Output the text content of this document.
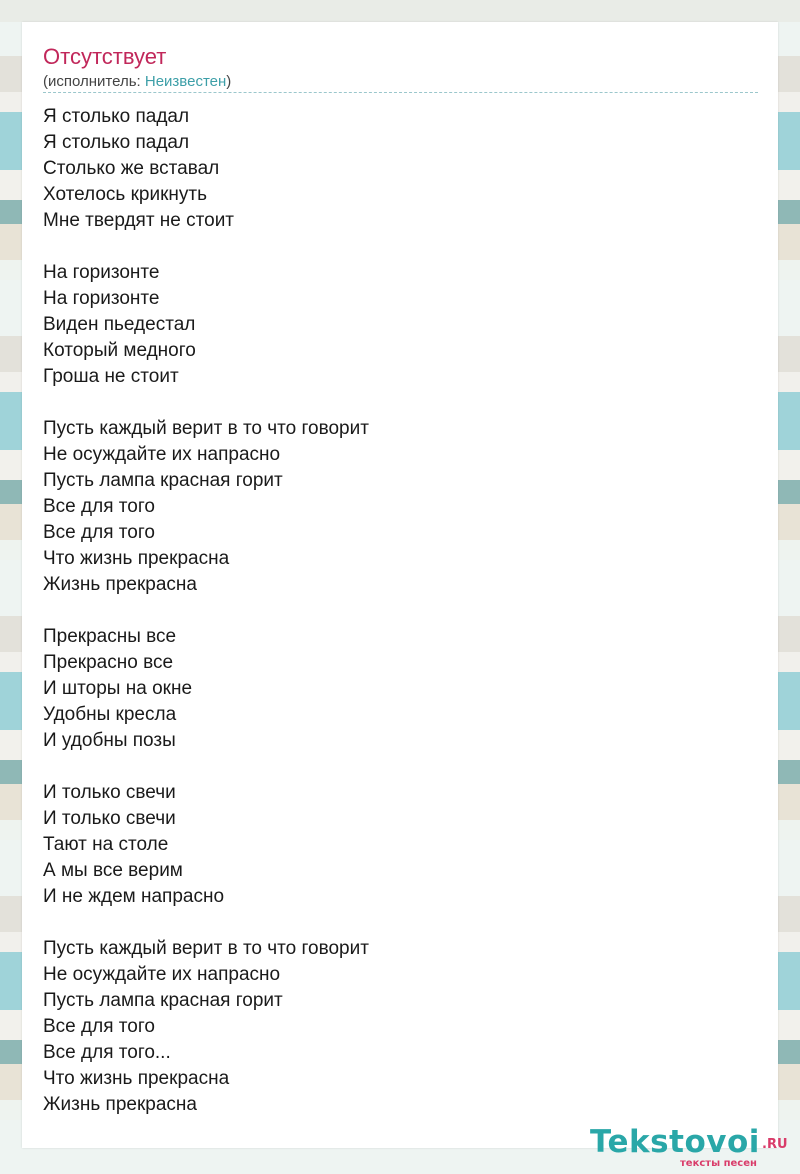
Отсутствует
(исполнитель: Неизвестен)
Я столько падал
Я столько падал
Столько же вставал
Хотелось крикнуть
Мне твердят не стоит
На горизонте
На горизонте
Виден пьедестал
Который медного
Гроша не стоит
Пусть каждый верит в то что говорит
Не осуждайте их напрасно
Пусть лампа красная горит
Все для того
Все для того
Что жизнь прекрасна
Жизнь прекрасна
Прекрасны все
Прекрасно все
И шторы на окне
Удобны кресла
И удобны позы
И только свечи
И только свечи
Тают на столе
А мы все верим
И не ждем напрасно
Пусть каждый верит в то что говорит
Не осуждайте их напрасно
Пусть лампа красная горит
Все для того
Все для того...
Что жизнь прекрасна
Жизнь прекрасна
Tekstovoi .RU
тексты песен
